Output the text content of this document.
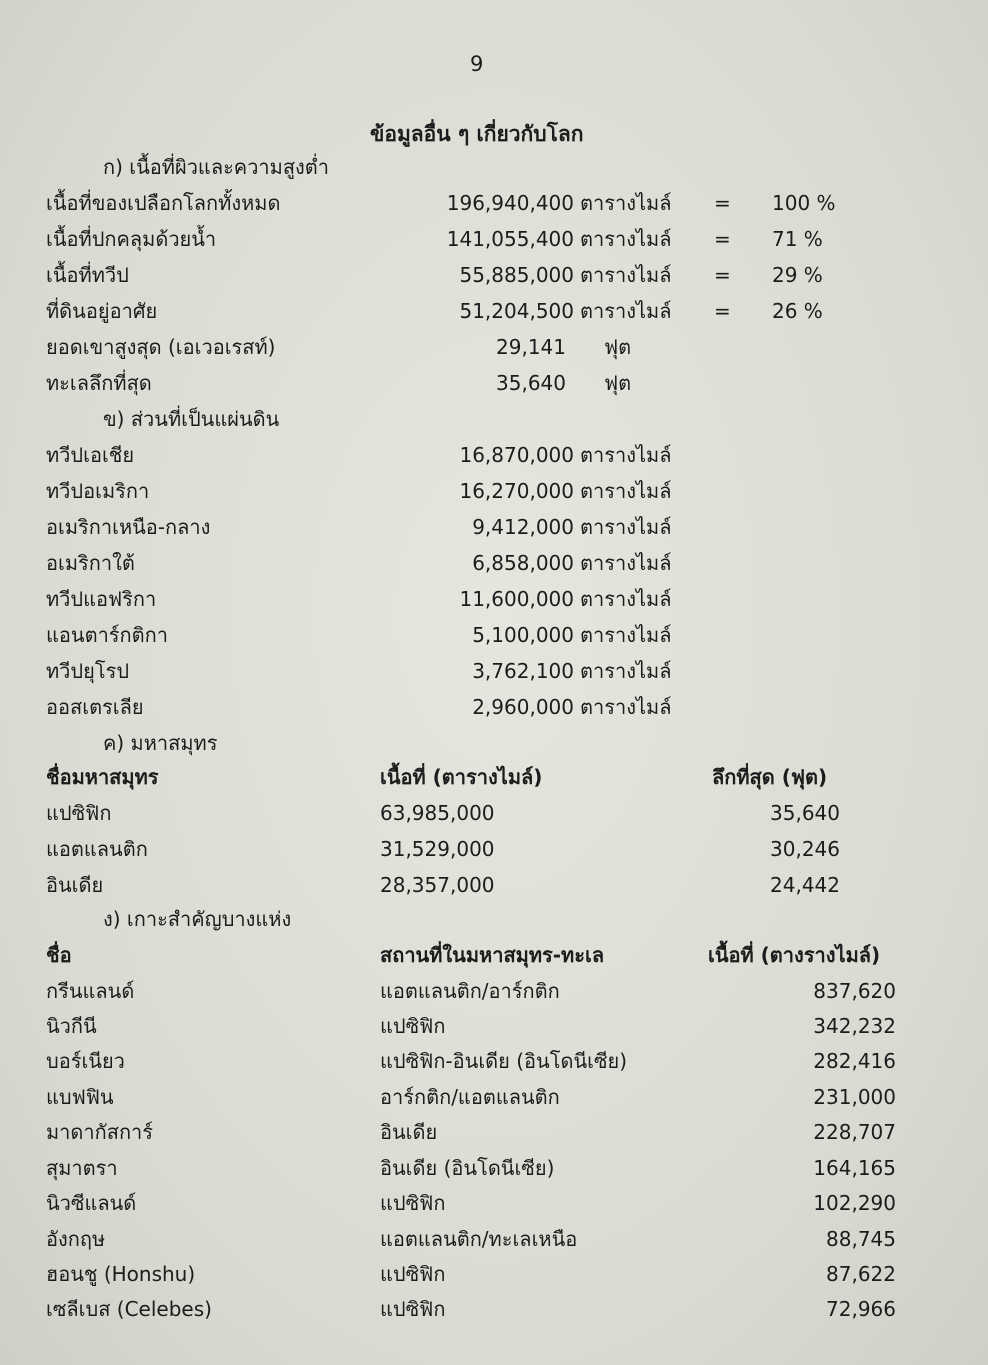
9
ข้อมูลอื่น ๆ เกี่ยวกับโลก
ก) เนื้อที่ผิวและความสูงต่ำ
เนื้อที่ของเปลือกโลกทั้งหมด	196,940,400 ตารางไมล์ = 100 %
เนื้อที่ปกคลุมด้วยน้ำ	141,055,400 ตารางไมล์ = 71 %
เนื้อที่ทวีป	55,885,000 ตารางไมล์ = 29 %
ที่ดินอยู่อาศัย	51,204,500 ตารางไมล์ = 26 %
ยอดเขาสูงสุด (เอเวอเรสท์)	29,141 ฟุต
ทะเลลึกที่สุด	35,640 ฟุต
ข) ส่วนที่เป็นแผ่นดิน
ทวีปเอเชีย	16,870,000 ตารางไมล์
ทวีปอเมริกา	16,270,000 ตารางไมล์
อเมริกาเหนือ-กลาง	9,412,000 ตารางไมล์
อเมริกาใต้	6,858,000 ตารางไมล์
ทวีปแอฟริกา	11,600,000 ตารางไมล์
แอนตาร์กติกา	5,100,000 ตารางไมล์
ทวีปยุโรป	3,762,100 ตารางไมล์
ออสเตรเลีย	2,960,000 ตารางไมล์
ค) มหาสมุทร
ชื่อมหาสมุทร	เนื้อที่ (ตารางไมล์)	ลึกที่สุด (ฟุต)
แปซิฟิก	63,985,000	35,640
แอตแลนติก	31,529,000	30,246
อินเดีย	28,357,000	24,442
ง) เกาะสำคัญบางแห่ง
ชื่อ	สถานที่ในมหาสมุทร-ทะเล	เนื้อที่ (ตางรางไมล์)
กรีนแลนด์	แอตแลนติก/อาร์กติก	837,620
นิวกีนี	แปซิฟิก	342,232
บอร์เนียว	แปซิฟิก-อินเดีย (อินโดนีเซีย)	282,416
แบฟฟิน	อาร์กติก/แอตแลนติก	231,000
มาดากัสการ์	อินเดีย	228,707
สุมาตรา	อินเดีย (อินโดนีเซีย)	164,165
นิวซีแลนด์	แปซิฟิก	102,290
อังกฤษ	แอตแลนติก/ทะเลเหนือ	88,745
ฮอนชู (Honshu)	แปซิฟิก	87,622
เซลีเบส (Celebes)	แปซิฟิก	72,966
